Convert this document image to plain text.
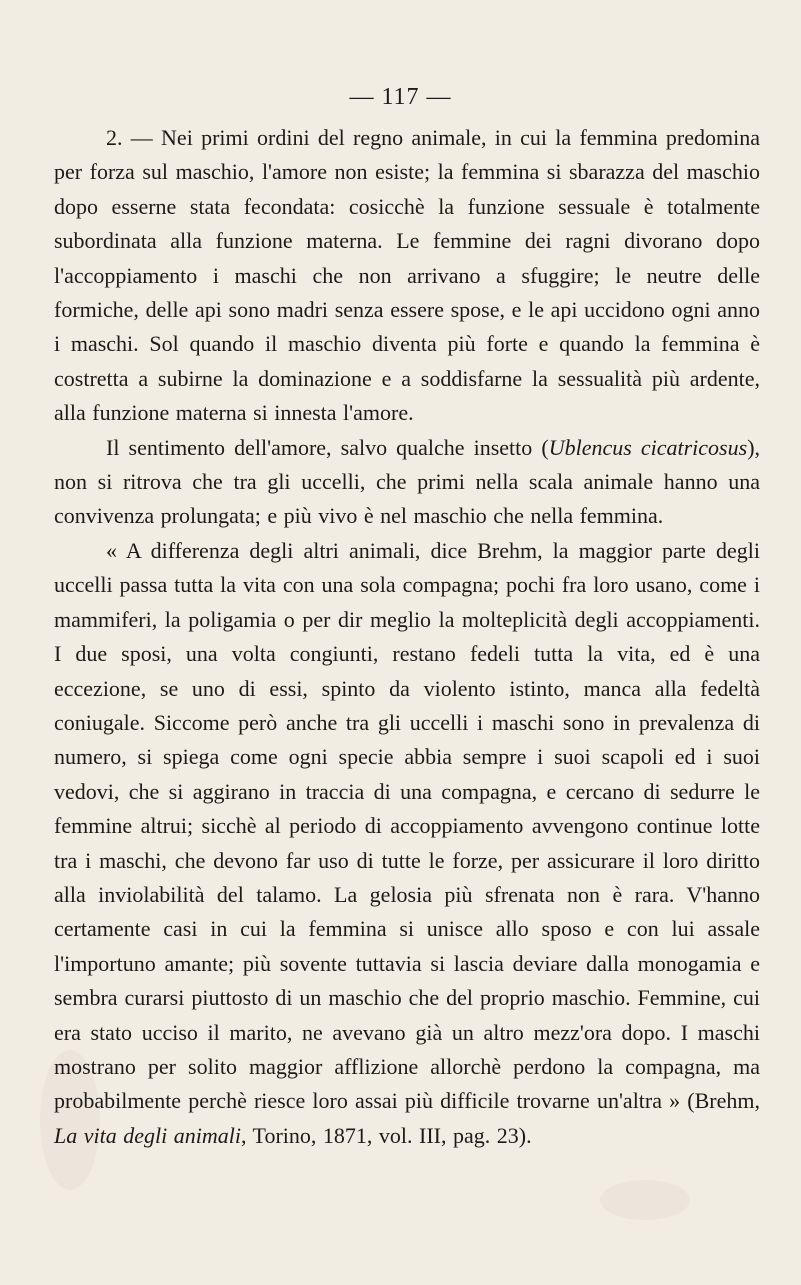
— 117 —

2. — Nei primi ordini del regno animale, in cui la femmina predomina per forza sul maschio, l'amore non esiste; la femmina si sbarazza del maschio dopo esserne stata fecondata: cosicchè la funzione sessuale è totalmente subordinata alla funzione materna. Le femmine dei ragni divorano dopo l'accoppiamento i maschi che non arrivano a sfuggire; le neutre delle formiche, delle api sono madri senza essere spose, e le api uccidono ogni anno i maschi. Sol quando il maschio diventa più forte e quando la femmina è costretta a subirne la dominazione e a soddisfarne la sessualità più ardente, alla funzione materna si innesta l'amore.

Il sentimento dell'amore, salvo qualche insetto (Ublencus cicatricosus), non si ritrova che tra gli uccelli, che primi nella scala animale hanno una convivenza prolungata; e più vivo è nel maschio che nella femmina.

« A differenza degli altri animali, dice Brehm, la maggior parte degli uccelli passa tutta la vita con una sola compagna; pochi fra loro usano, come i mammiferi, la poligamia o per dir meglio la molteplicità degli accoppiamenti. I due sposi, una volta congiunti, restano fedeli tutta la vita, ed è una eccezione, se uno di essi, spinto da violento istinto, manca alla fedeltà coniugale. Siccome però anche tra gli uccelli i maschi sono in prevalenza di numero, si spiega come ogni specie abbia sempre i suoi scapoli ed i suoi vedovi, che si aggirano in traccia di una compagna, e cercano di sedurre le femmine altrui; sicchè al periodo di accoppiamento avvengono continue lotte tra i maschi, che devono far uso di tutte le forze, per assicurare il loro diritto alla inviolabilità del talamo. La gelosia più sfrenata non è rara. V'hanno certamente casi in cui la femmina si unisce allo sposo e con lui assale l'importuno amante; più sovente tuttavia si lascia deviare dalla monogamia e sembra curarsi piuttosto di un maschio che del proprio maschio. Femmine, cui era stato ucciso il marito, ne avevano già un altro mezz'ora dopo. I maschi mostrano per solito maggior afflizione allorchè perdono la compagna, ma probabilmente perchè riesce loro assai più difficile trovarne un'altra » (Brehm, La vita degli animali, Torino, 1871, vol. III, pag. 23).
